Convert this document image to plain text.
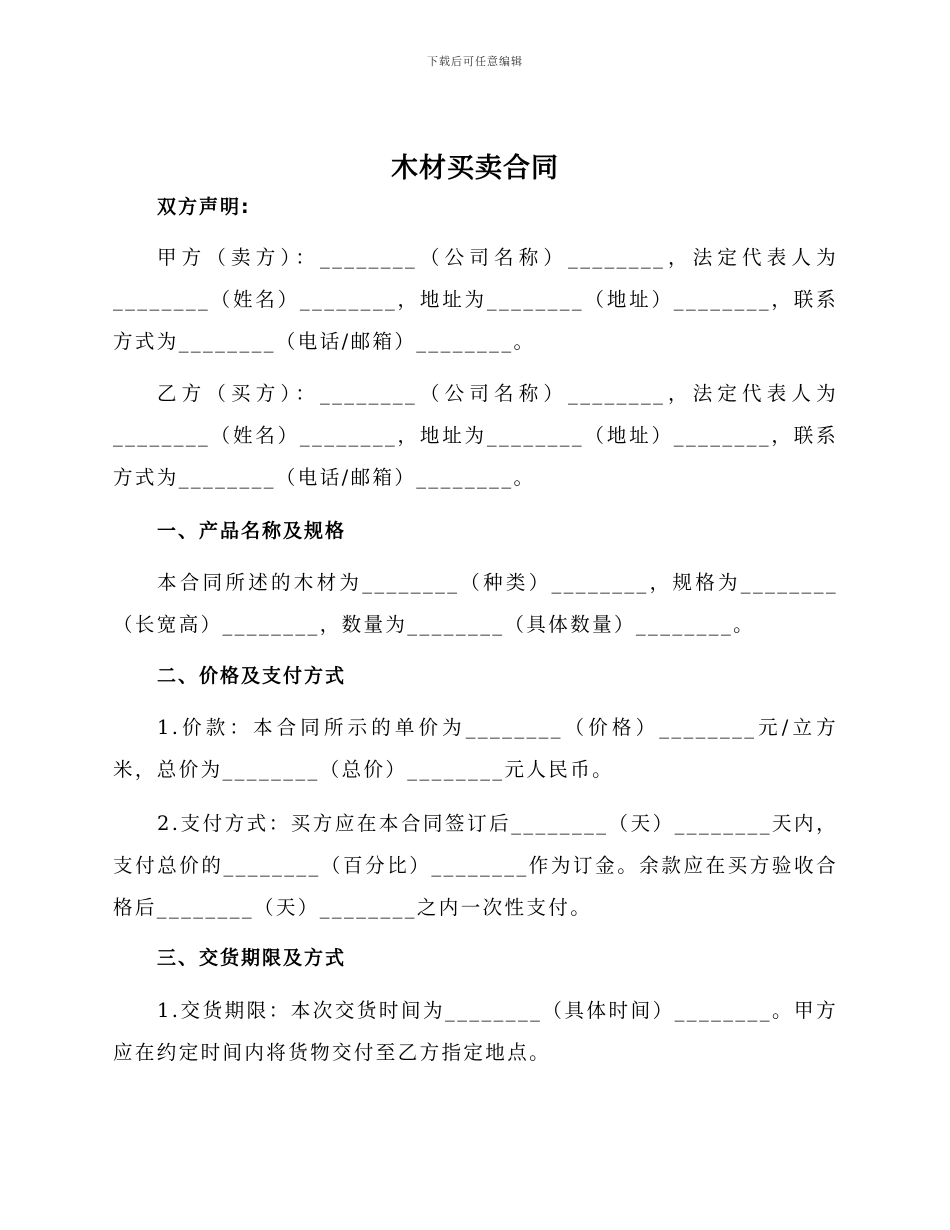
下载后可任意编辑
木材买卖合同
双方声明:

甲方（卖方）：________（公司名称）________，法定代表人为________（姓名）________，地址为________（地址）________，联系方式为________（电话/邮箱）________。

乙方（买方）：________（公司名称）________，法定代表人为________（姓名）________，地址为________（地址）________，联系方式为________（电话/邮箱）________。

一、产品名称及规格

本合同所述的木材为________（种类）________，规格为________（长宽高）________，数量为________（具体数量）________。

二、价格及支付方式

1.价款：本合同所示的单价为________（价格）________元/立方米，总价为________（总价）________元人民币。

2.支付方式：买方应在本合同签订后________（天）________天内，支付总价的________（百分比）________作为订金。余款应在买方验收合格后________（天）________之内一次性支付。

三、交货期限及方式

1.交货期限：本次交货时间为________（具体时间）________。甲方应在约定时间内将货物交付至乙方指定地点。
